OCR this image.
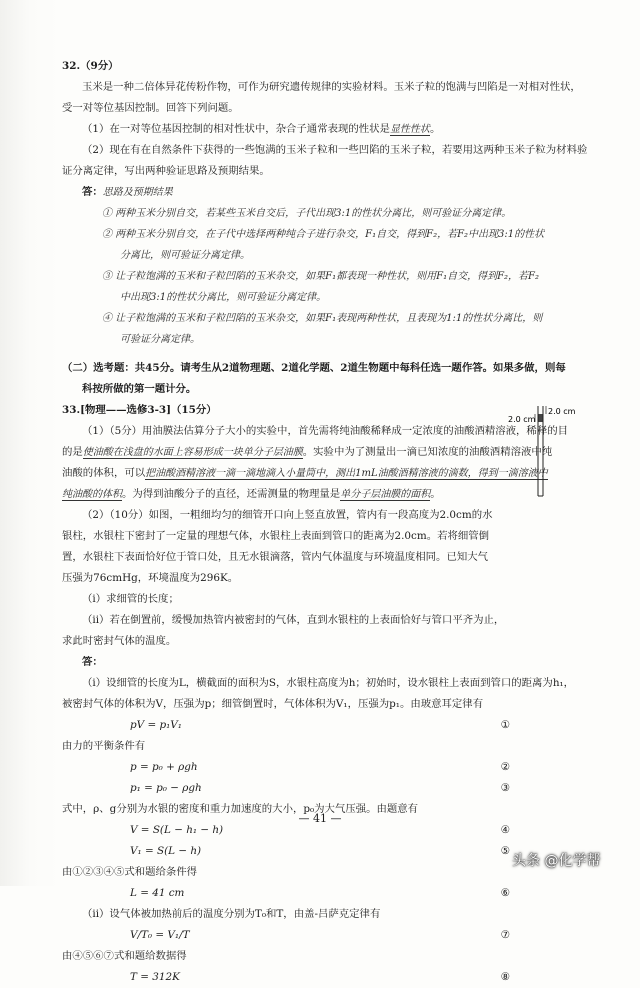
32.（9分）
玉米是一种二倍体异花传粉作物，可作为研究遗传规律的实验材料。玉米子粒的饱满与凹陷是一对相对性状，
受一对等位基因控制。回答下列问题。
（1）在一对等位基因控制的相对性状中，杂合子通常表现的性状是显性性状。
（2）现在有在自然条件下获得的一些饱满的玉米子粒和一些凹陷的玉米子粒，若要用这两种玉米子粒为材料验
证分离定律，写出两种验证思路及预期结果。
答：思路及预期结果
① 两种玉米分别自交，若某些玉米自交后，子代出现3:1的性状分离比，则可验证分离定律。
② 两种玉米分别自交，在子代中选择两种纯合子进行杂交，F₁自交，得到F₂，若F₂中出现3:1的性状
分离比，则可验证分离定律。
③ 让子粒饱满的玉米和子粒凹陷的玉米杂交，如果F₁都表现一种性状，则用F₁自交，得到F₂，若F₂
中出现3:1的性状分离比，则可验证分离定律。
④ 让子粒饱满的玉米和子粒凹陷的玉米杂交，如果F₁表现两种性状，且表现为1:1的性状分离比，则
可验证分离定律。
（二）选考题：共45分。请考生从2道物理题、2道化学题、2道生物题中每科任选一题作答。如果多做，则每
科按所做的第一题计分。
33.[物理——选修3-3]（15分）
（1）（5分）用油膜法估算分子大小的实验中，首先需将纯油酸稀释成一定浓度的油酸酒精溶液，稀释的目
的是使油酸在浅盘的水面上容易形成一块单分子层油膜。实验中为了测量出一滴已知浓度的油酸酒精溶液中纯
油酸的体积，可以把油酸酒精溶液一滴一滴地滴入小量筒中，测出1mL油酸酒精溶液的滴数，得到一滴溶液中
纯油酸的体积。为得到油酸分子的直径，还需测量的物理量是单分子层油膜的面积。
（2）（10分）如图，一粗细均匀的细管开口向上竖直放置，管内有一段高度为2.0cm的水
银柱，水银柱下密封了一定量的理想气体，水银柱上表面到管口的距离为2.0cm。若将细管倒
置，水银柱下表面恰好位于管口处，且无水银滴落，管内气体温度与环境温度相同。已知大气
压强为76cmHg，环境温度为296K。
（i）求细管的长度；
（ii）若在倒置前，缓慢加热管内被密封的气体，直到水银柱的上表面恰好与管口平齐为止，
求此时密封气体的温度。
答：
（i）设细管的长度为L，横截面的面积为S，水银柱高度为h；初始时，设水银柱上表面到管口的距离为h₁，
被密封气体的体积为V，压强为p；细管倒置时，气体体积为V₁，压强为p₁。由玻意耳定律有
pV = p₁V₁	①
由力的平衡条件有
p = p₀ + ρgh	②
p₁ = p₀ − ρgh	③
式中，ρ、g分别为水银的密度和重力加速度的大小，p₀为大气压强。由题意有
V = S(L − h₁ − h)	④
V₁ = S(L − h)	⑤
由①②③④⑤式和题给条件得
L = 41 cm	⑥
（ii）设气体被加热前后的温度分别为T₀和T，由盖-吕萨克定律有
V/T₀ = V₁/T	⑦
由④⑤⑥⑦式和题给数据得
T = 312K	⑧
2.0 cm
2.0 cm
— 41 —
头条 @化学帮
